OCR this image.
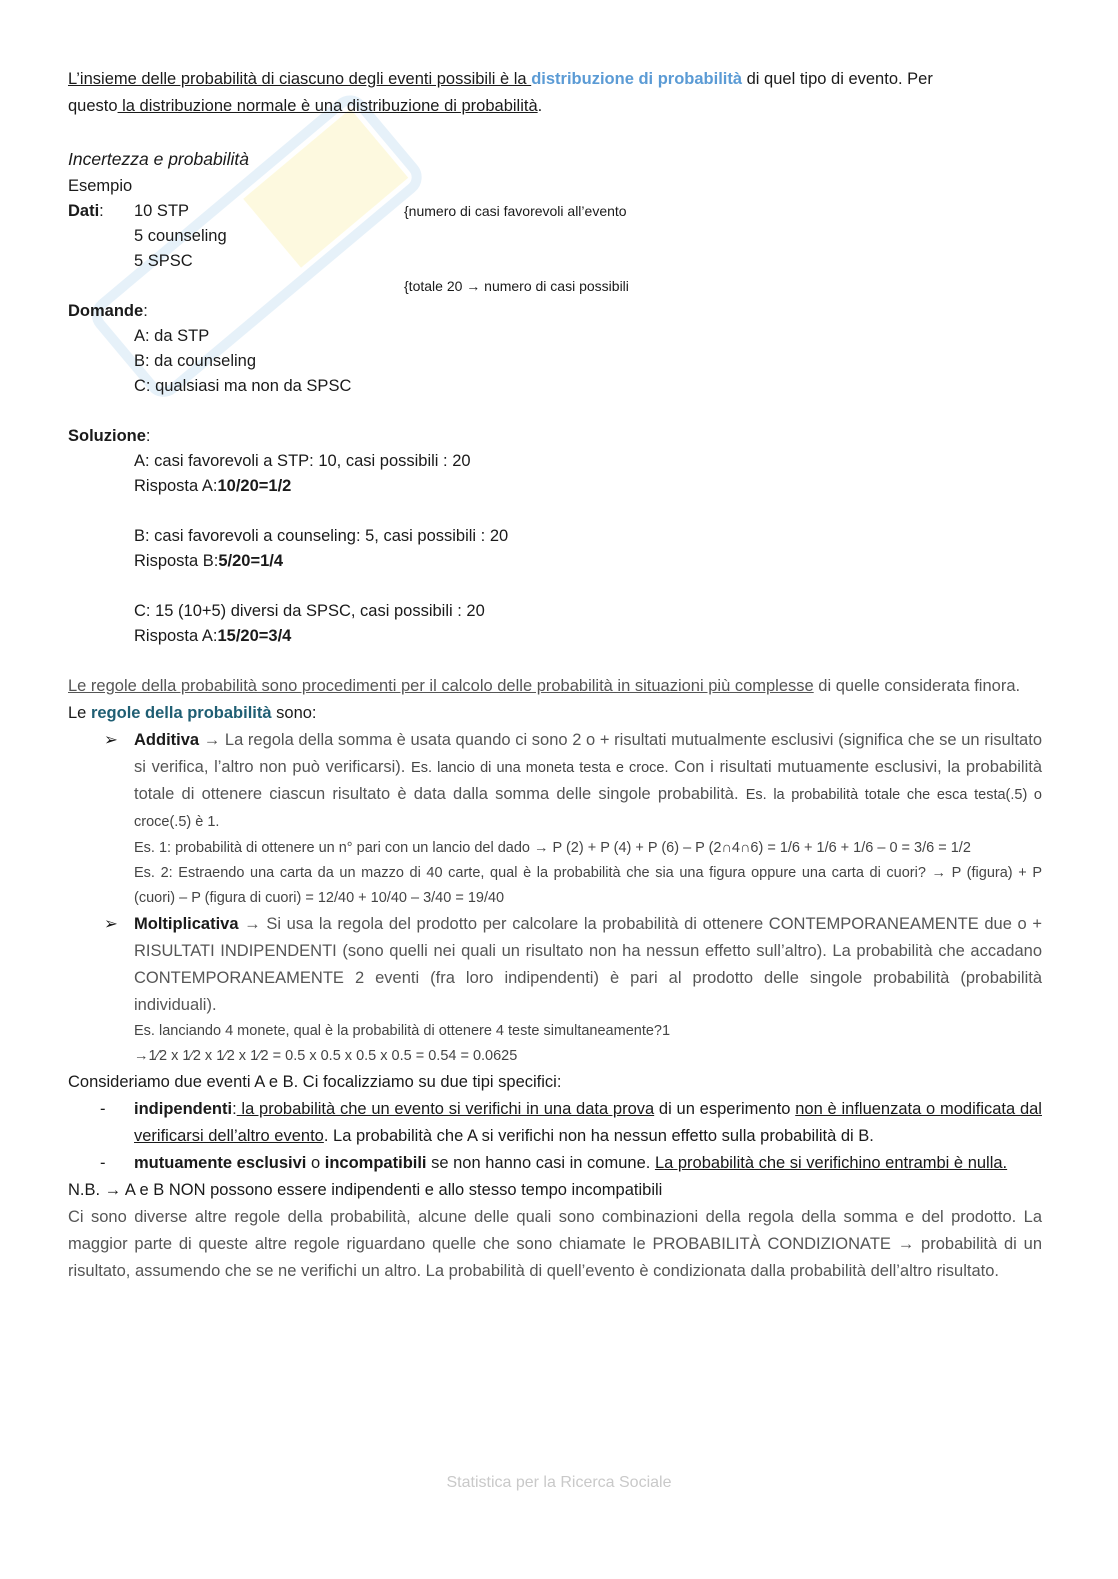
L’insieme delle probabilità di ciascuno degli eventi possibili è la distribuzione di probabilità di quel tipo di evento. Per
questo la distribuzione normale è una distribuzione di probabilità.

Incertezza e probabilità

Esempio

Dati:	10 STP	{numero di casi favorevoli all’evento
5 counseling
5 SPSC
{totale 20 → numero di casi possibili
Domande :
A: da STP
B: da counseling
C: qualsiasi ma non da SPSC
Soluzione :
A: casi favorevoli a STP: 10, casi possibili : 20
Risposta A: 10/20=1/2
B: casi favorevoli a counseling: 5, casi possibili : 20
Risposta B: 5/20=1/4
C: 15 (10+5) diversi da SPSC, casi possibili : 20
Risposta A: 15/20=3/4

Le regole della probabilità sono procedimenti per il calcolo delle probabilità in situazioni più complesse di quelle considerata finora.

Le regole della probabilità sono:

➢ Additiva → La regola della somma è usata quando ci sono 2 o + risultati mutualmente esclusivi (significa che se un risultato si verifica, l’altro non può verificarsi). Es. lancio di una moneta testa e croce. Con i risultati mutuamente esclusivi, la probabilità totale di ottenere ciascun risultato è data dalla somma delle singole probabilità. Es. la probabilità totale che esca testa(.5) o croce(.5) è 1.

Es. 1: probabilità di ottenere un n° pari con un lancio del dado → P (2) + P (4) + P (6) – P (2∩4∩6) = 1/6 + 1/6 + 1/6 – 0 = 3/6 = 1/2

Es. 2: Estraendo una carta da un mazzo di 40 carte, qual è la probabilità che sia una figura oppure una carta di cuori? → P (figura) + P (cuori) – P (figura di cuori) = 12/40 + 10/40 – 3/40 = 19/40

➢ Moltiplicativa → Si usa la regola del prodotto per calcolare la probabilità di ottenere CONTEMPORANEAMENTE due o + RISULTATI INDIPENDENTI (sono quelli nei quali un risultato non ha nessun effetto sull’altro). La probabilità che accadano CONTEMPORANEAMENTE 2 eventi (fra loro indipendenti) è pari al prodotto delle singole probabilità (probabilità individuali).

Es. lanciando 4 monete, qual è la probabilità di ottenere 4 teste simultaneamente?1

→1⁄2 x 1⁄2 x 1⁄2 x 1⁄2 = 0.5 x 0.5 x 0.5 x 0.5 = 0.54 = 0.0625

Consideriamo due eventi A e B. Ci focalizziamo su due tipi specifici:

-	indipendenti: la probabilità che un evento si verifichi in una data prova di un esperimento non è influenzata o modificata dal verificarsi dell’altro evento. La probabilità che A si verifichi non ha nessun effetto sulla probabilità di B.
-	mutuamente esclusivi o incompatibili se non hanno casi in comune. La probabilità che si verifichino entrambi è nulla.

N.B. → A e B NON possono essere indipendenti e allo stesso tempo incompatibili

Ci sono diverse altre regole della probabilità, alcune delle quali sono combinazioni della regola della somma e del prodotto. La maggior parte di queste altre regole riguardano quelle che sono chiamate le PROBABILITÀ CONDIZIONATE → probabilità di un risultato, assumendo che se ne verifichi un altro. La probabilità di quell’evento è condizionata dalla probabilità dell’altro risultato.

Statistica per la Ricerca Sociale
